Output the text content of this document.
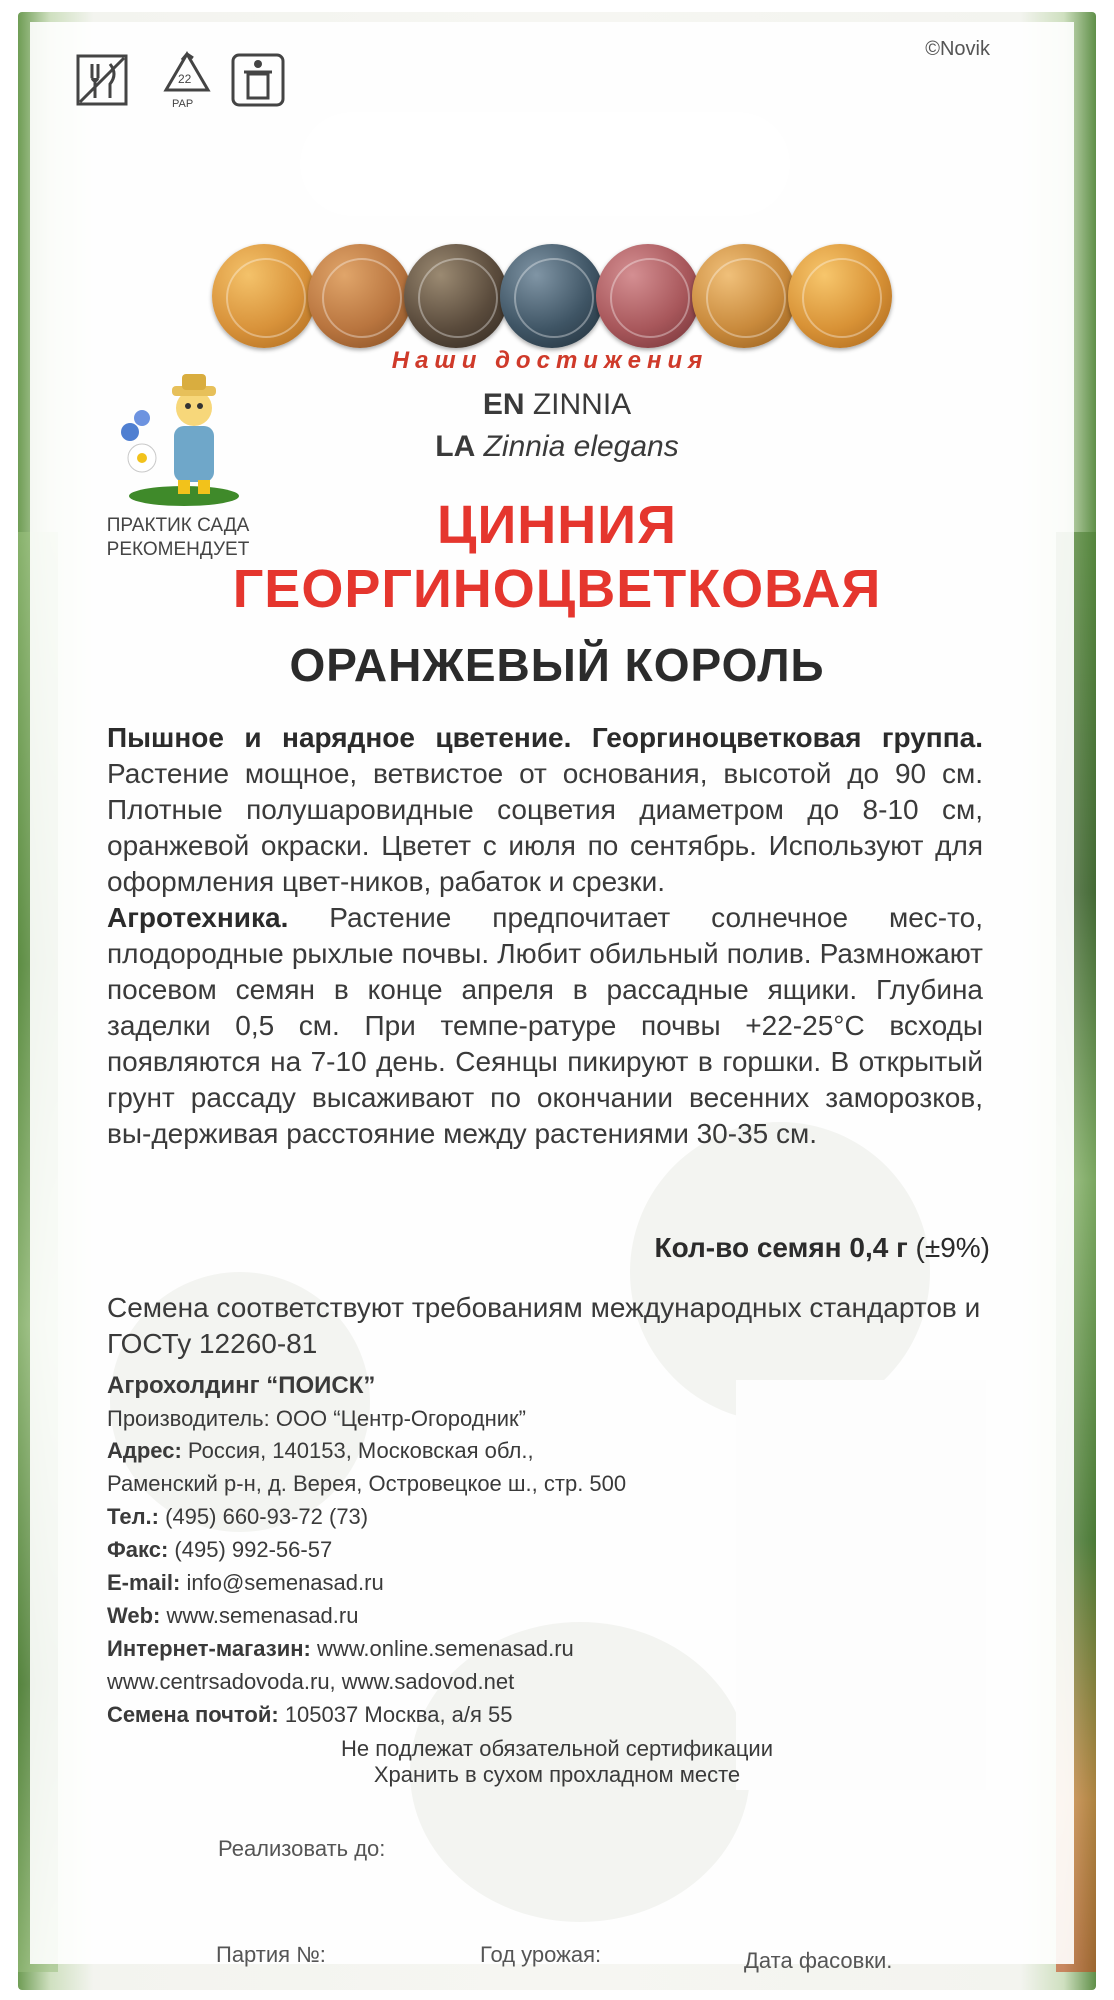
22
PAP
©Novik
Наши достижения
EN ZINNIA
LA Zinnia elegans
ПРАКТИК САДА
РЕКОМЕНДУЕТ	ЦИННИЯ
ГЕОРГИНОЦВЕТКОВАЯ
ОРАНЖЕВЫЙ КОРОЛЬ
Пышное и нарядное цветение. Георгиноцветковая группа. Растение мощное, ветвистое от основания, высотой до 90 см. Плотные полушаровидные соцветия диаметром до 8-10 см, оранжевой окраски. Цветет с июля по сентябрь. Используют для оформления цвет-ников, рабаток и срезки.
Агротехника. Растение предпочитает солнечное мес-то, плодородные рыхлые почвы. Любит обильный полив. Размножают посевом семян в конце апреля в рассадные ящики. Глубина заделки 0,5 см. При темпе-ратуре почвы +22-25°С всходы появляются на 7-10 день. Сеянцы пикируют в горшки. В открытый грунт рассаду высаживают по окончании весенних заморозков, вы-держивая расстояние между растениями 30-35 см.
Кол-во семян 0,4 г (±9%)
Семена соответствуют требованиям международных стандартов и ГОСТу 12260-81
Агрохолдинг “ПОИСК”
Производитель: ООО “Центр-Огородник”
Адрес: Россия, 140153, Московская обл.,
Раменский р-н, д. Верея, Островецкое ш., стр. 500
Тел.: (495) 660-93-72 (73)
Факс: (495) 992-56-57
E-mail: info@semenasad.ru
Web: www.semenasad.ru
Интернет-магазин: www.online.semenasad.ru
www.centrsadovoda.ru, www.sadovod.net
Семена почтой: 105037 Москва, а/я 55
Не подлежат обязательной сертификации
Хранить в сухом прохладном месте
Реализовать до:
Партия №:	Год урожая:	Дата фасовки.
